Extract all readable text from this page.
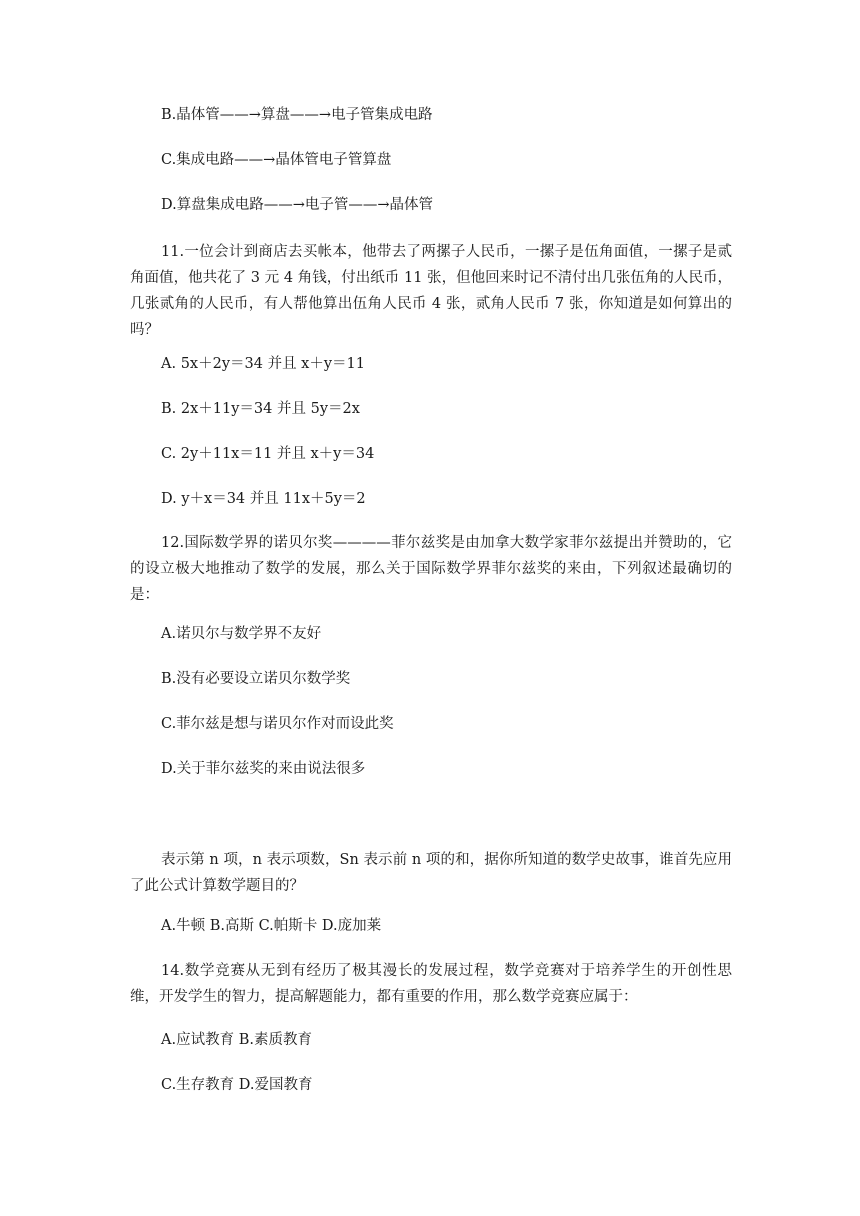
B.晶体管——→算盘——→电子管集成电路
C.集成电路——→晶体管电子管算盘
D.算盘集成电路——→电子管——→晶体管
11.一位会计到商店去买帐本，他带去了两摞子人民币，一摞子是伍角面值，一摞子是贰角面值，他共花了 3 元 4 角钱，付出纸币 11 张，但他回来时记不清付出几张伍角的人民币，几张贰角的人民币，有人帮他算出伍角人民币 4 张，贰角人民币 7 张，你知道是如何算出的吗？
A. 5x＋2y＝34 并且 x＋y＝11
B. 2x＋11y＝34 并且 5y＝2x
C. 2y＋11x＝11 并且 x＋y＝34
D. y＋x＝34 并且 11x＋5y＝2
12.国际数学界的诺贝尔奖————菲尔兹奖是由加拿大数学家菲尔兹提出并赞助的，它的设立极大地推动了数学的发展，那么关于国际数学界菲尔兹奖的来由，下列叙述最确切的是：
A.诺贝尔与数学界不友好
B.没有必要设立诺贝尔数学奖
C.菲尔兹是想与诺贝尔作对而设此奖
D.关于菲尔兹奖的来由说法很多
表示第 n 项，n 表示项数，Sn 表示前 n 项的和，据你所知道的数学史故事，谁首先应用了此公式计算数学题目的？
A.牛顿 B.高斯 C.帕斯卡 D.庞加莱
14.数学竞赛从无到有经历了极其漫长的发展过程，数学竞赛对于培养学生的开创性思维，开发学生的智力，提高解题能力，都有重要的作用，那么数学竞赛应属于：
A.应试教育 B.素质教育
C.生存教育 D.爱国教育
